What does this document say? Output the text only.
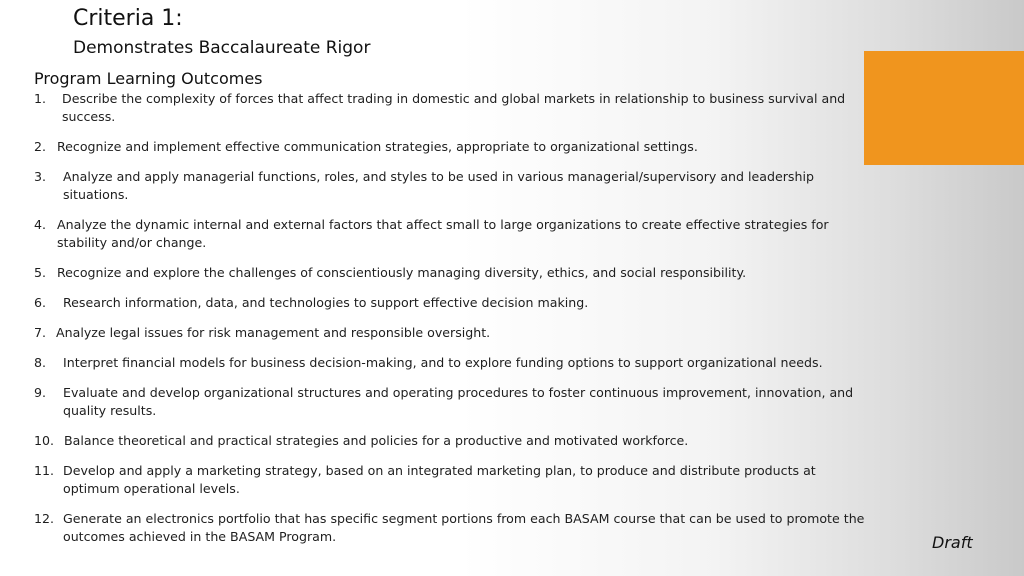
Criteria 1:
Demonstrates Baccalaureate Rigor
Program Learning Outcomes
1.	Describe the complexity of forces that affect trading in domestic and global markets in relationship to business survival and success.
2. Recognize and implement effective communication strategies, appropriate to organizational settings.
3.	Analyze and apply managerial functions, roles, and styles to be used in various managerial/supervisory and leadership situations.
4. Analyze the dynamic internal and external factors that affect small to large organizations to create effective strategies for stability and/or change.
5. Recognize and explore the challenges of conscientiously managing diversity, ethics, and social responsibility.
6.	Research information, data, and technologies to support effective decision making.
7. Analyze legal issues for risk management and responsible oversight.
8.	Interpret financial models for business decision-making, and to explore funding options to support organizational needs.
9.	Evaluate and develop organizational structures and operating procedures to foster continuous improvement, innovation, and quality results.
10. Balance theoretical and practical strategies and policies for a productive and motivated workforce.
11. Develop and apply a marketing strategy, based on an integrated marketing plan, to produce and distribute products at optimum operational levels.
12. Generate an electronics portfolio that has specific segment portions from each BASAM course that can be used to promote the outcomes achieved in the BASAM Program.	Draft
